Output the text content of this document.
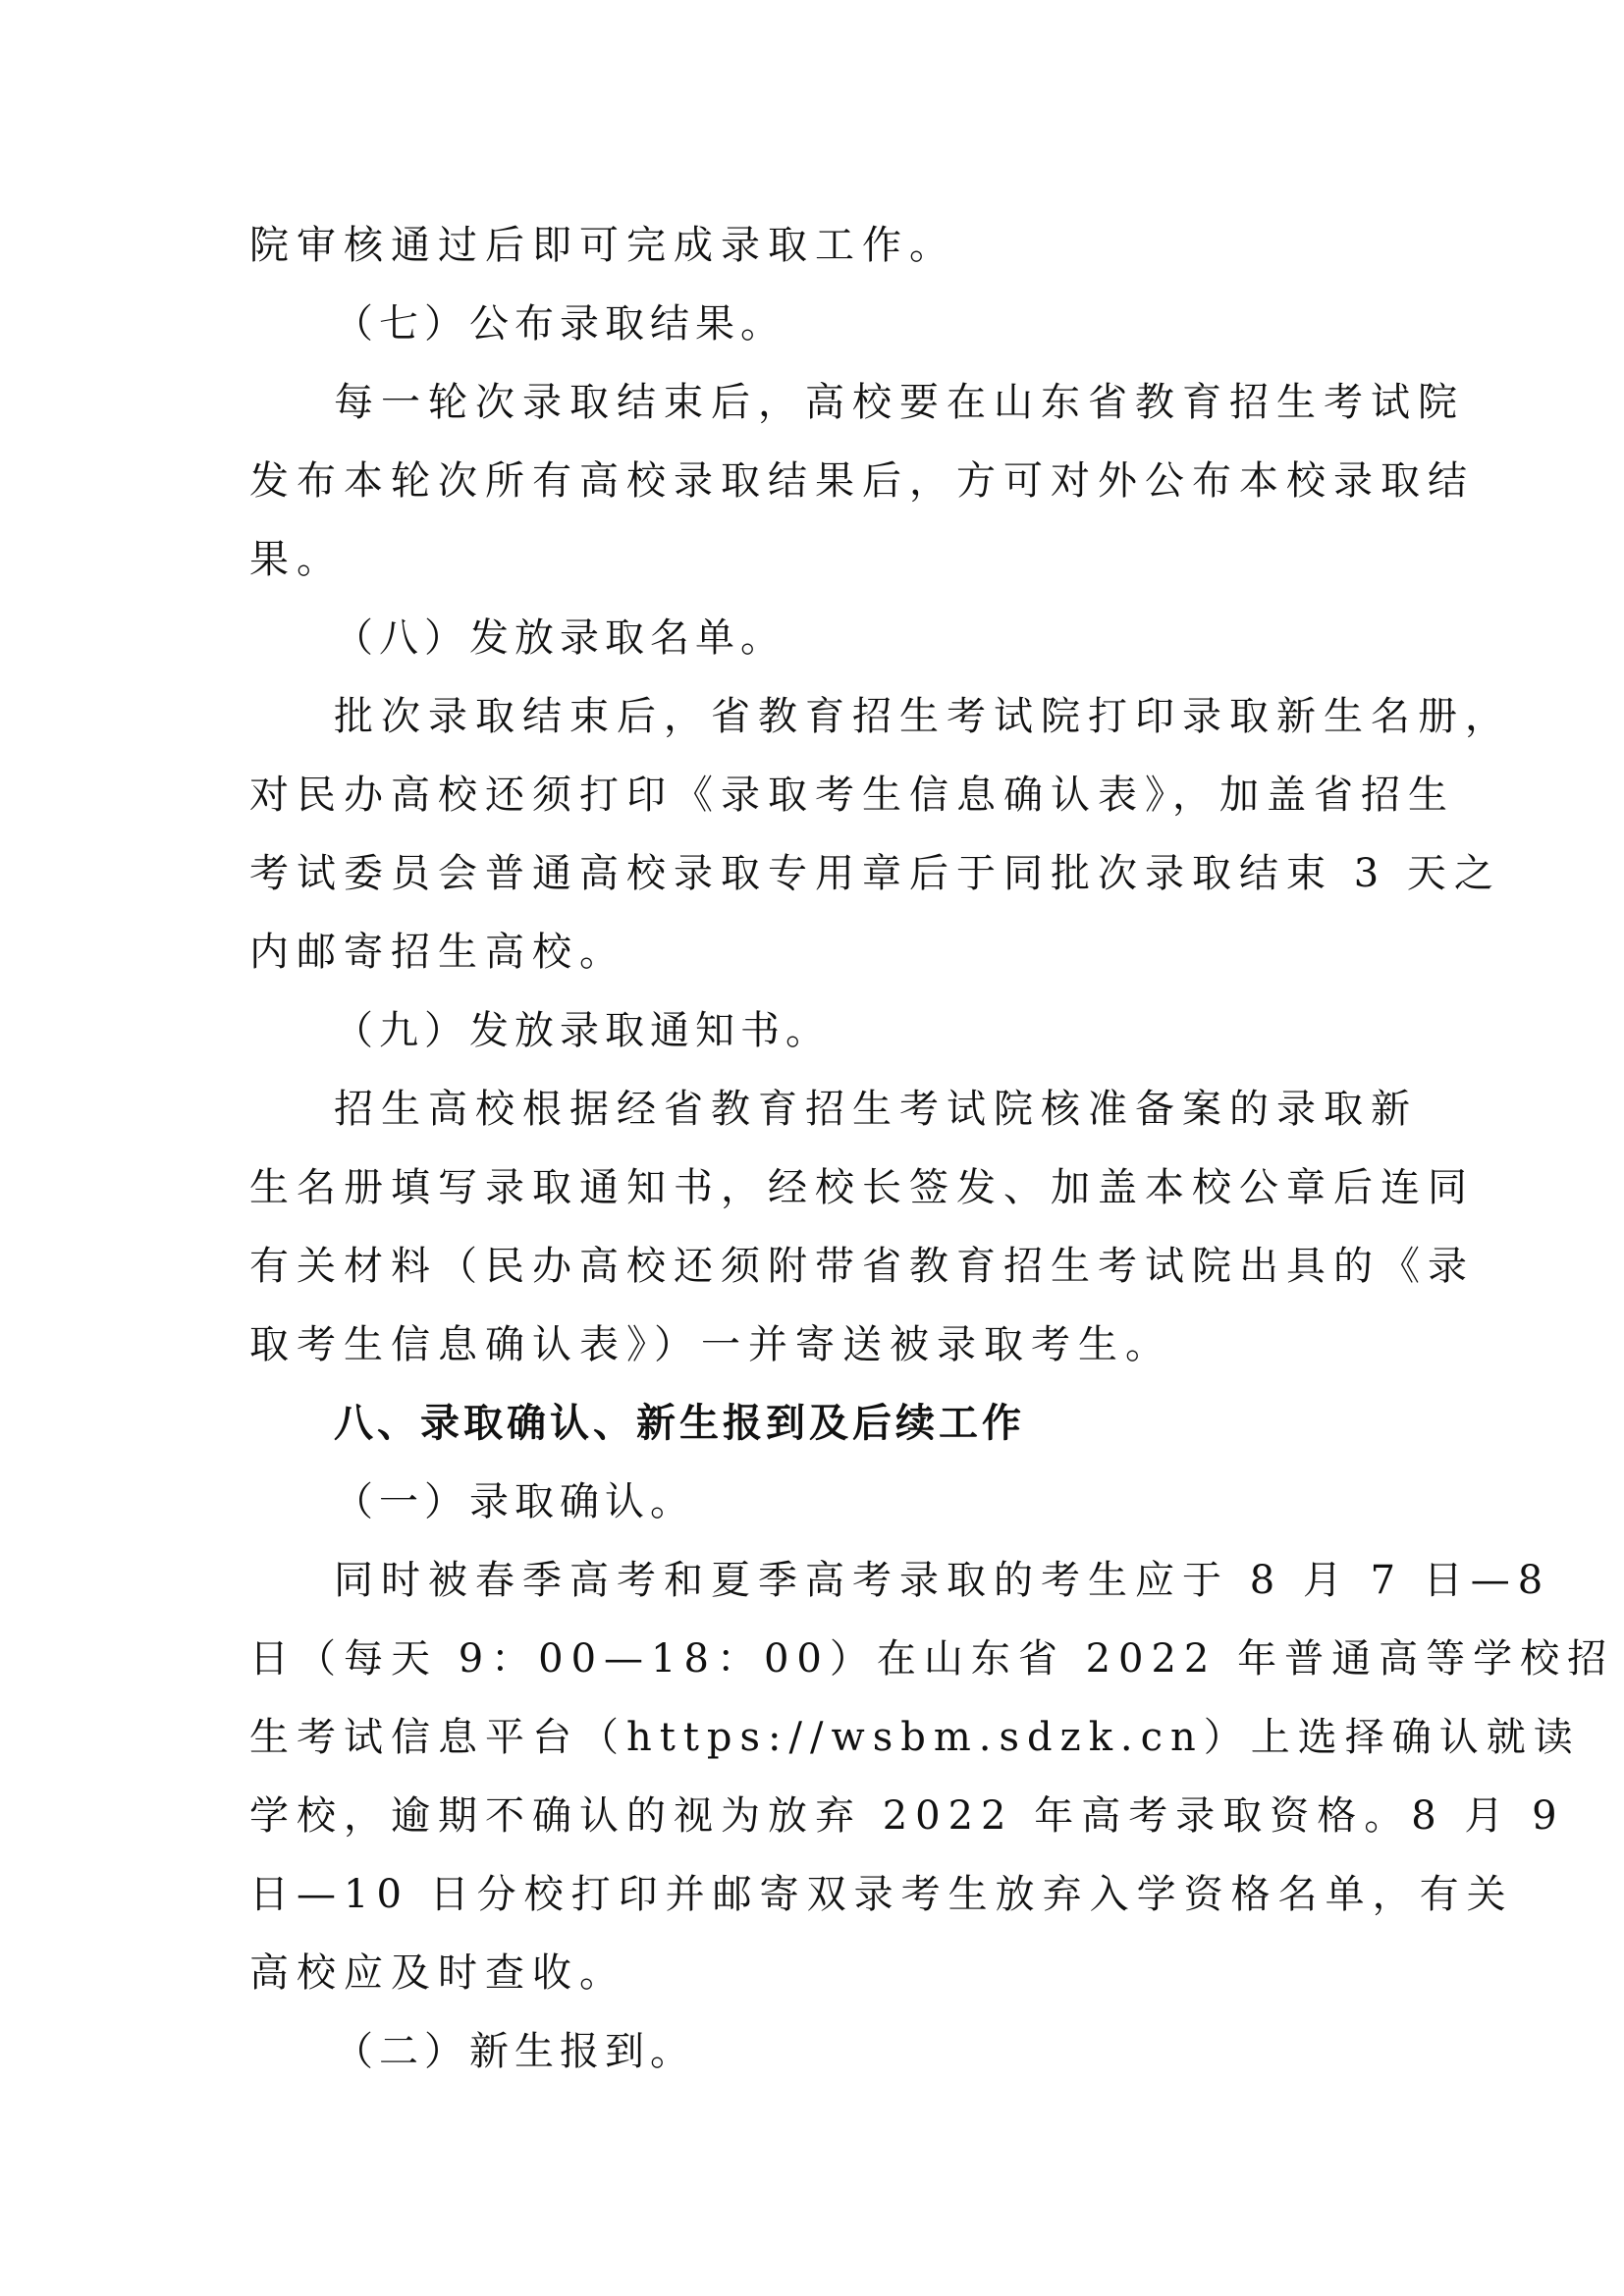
院审核通过后即可完成录取工作。
（七）公布录取结果。
每一轮次录取结束后，高校要在山东省教育招生考试院
发布本轮次所有高校录取结果后，方可对外公布本校录取结
果。
（八）发放录取名单。
批次录取结束后，省教育招生考试院打印录取新生名册，
对民办高校还须打印《录取考生信息确认表》，加盖省招生
考试委员会普通高校录取专用章后于同批次录取结束 3 天之
内邮寄招生高校。
（九）发放录取通知书。
招生高校根据经省教育招生考试院核准备案的录取新
生名册填写录取通知书，经校长签发、加盖本校公章后连同
有关材料（民办高校还须附带省教育招生考试院出具的《录
取考生信息确认表》）一并寄送被录取考生。
八、录取确认、新生报到及后续工作
（一）录取确认。
同时被春季高考和夏季高考录取的考生应于 8 月 7 日—8
日（每天 9：00—18：00）在山东省 2022 年普通高等学校招
生考试信息平台（https://wsbm.sdzk.cn）上选择确认就读
学校，逾期不确认的视为放弃 2022 年高考录取资格。8 月 9
日—10 日分校打印并邮寄双录考生放弃入学资格名单，有关
高校应及时查收。
（二）新生报到。
